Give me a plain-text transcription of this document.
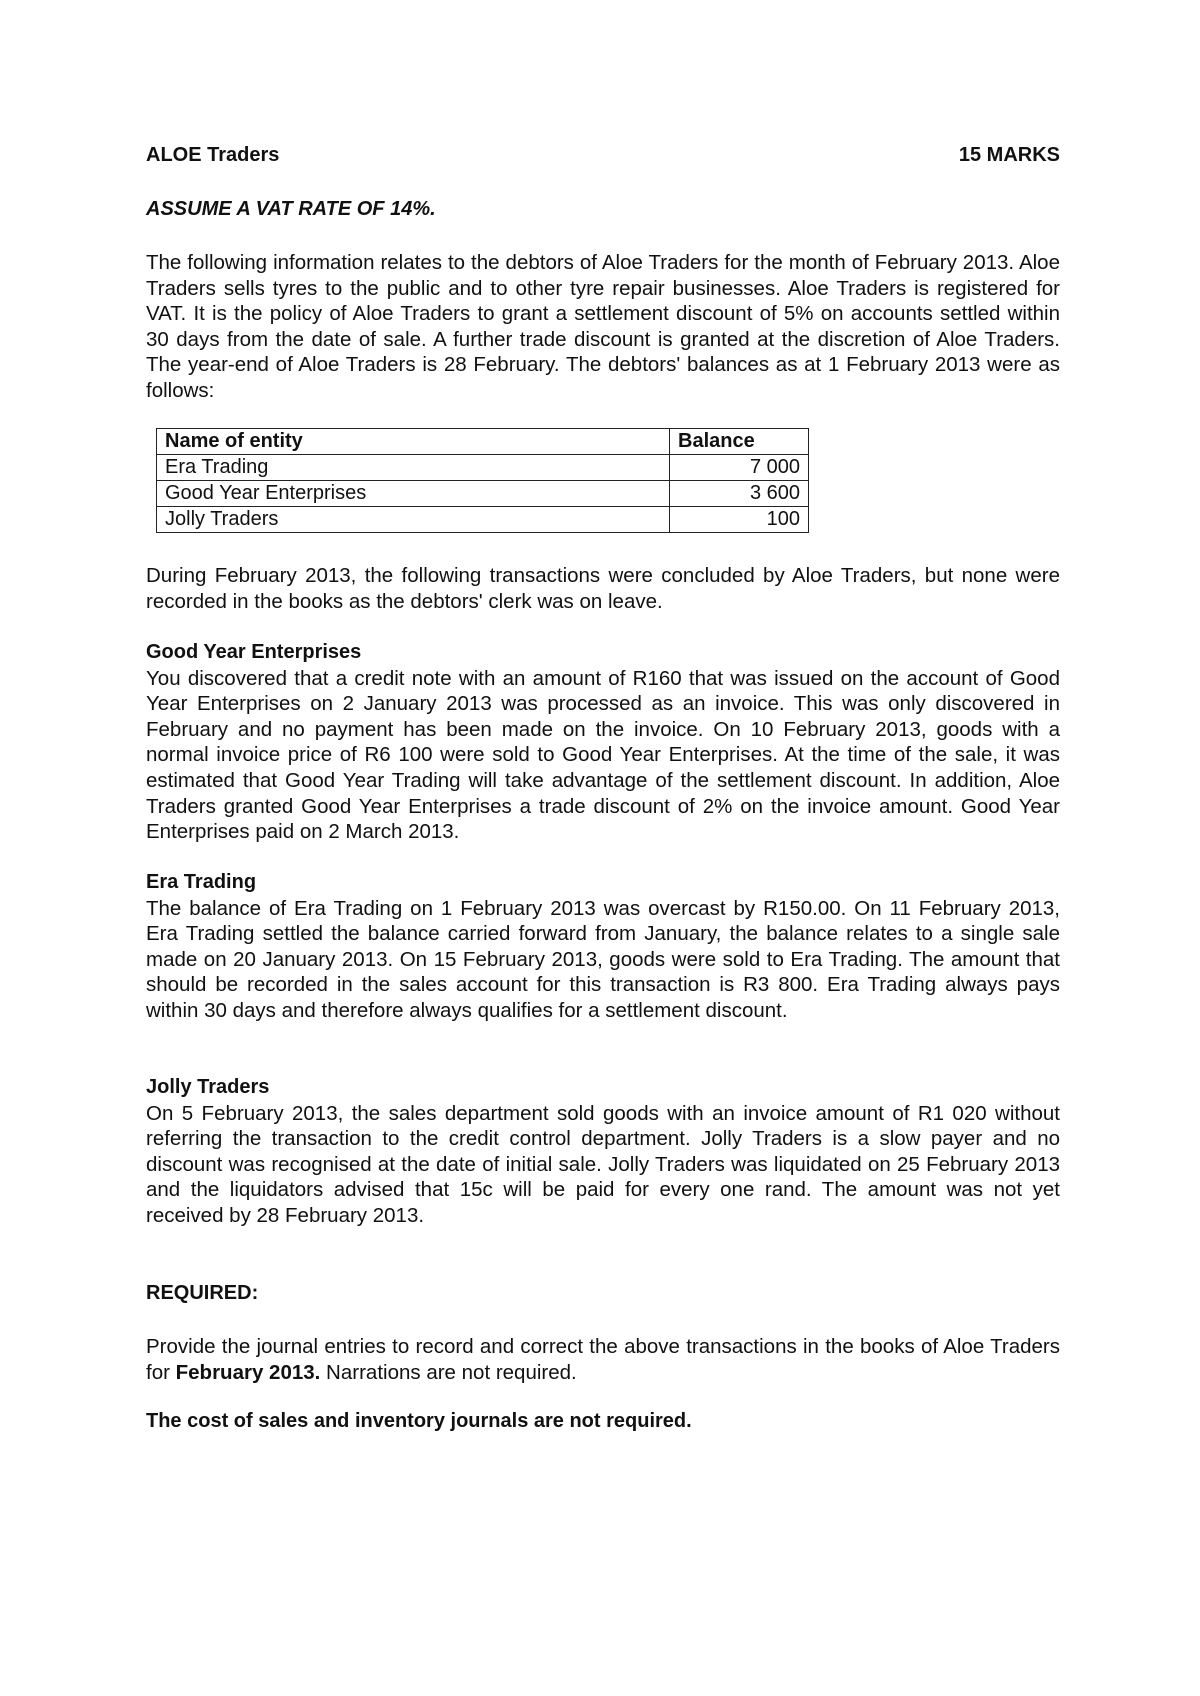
ALOE Traders	15 MARKS
ASSUME A VAT RATE OF 14%.

The following information relates to the debtors of Aloe Traders for the month of February 2013. Aloe Traders sells tyres to the public and to other tyre repair businesses. Aloe Traders is registered for VAT. It is the policy of Aloe Traders to grant a settlement discount of 5% on accounts settled within 30 days from the date of sale. A further trade discount is granted at the discretion of Aloe Traders. The year-end of Aloe Traders is 28 February. The debtors' balances as at 1 February 2013 were as follows:

Name of entity	Balance
Era Trading	7 000
Good Year Enterprises	3 600
Jolly Traders	100

During February 2013, the following transactions were concluded by Aloe Traders, but none were recorded in the books as the debtors' clerk was on leave.

Good Year Enterprises

You discovered that a credit note with an amount of R160 that was issued on the account of Good Year Enterprises on 2 January 2013 was processed as an invoice. This was only discovered in February and no payment has been made on the invoice. On 10 February 2013, goods with a normal invoice price of R6 100 were sold to Good Year Enterprises. At the time of the sale, it was estimated that Good Year Trading will take advantage of the settlement discount. In addition, Aloe Traders granted Good Year Enterprises a trade discount of 2% on the invoice amount. Good Year Enterprises paid on 2 March 2013.

Era Trading

The balance of Era Trading on 1 February 2013 was overcast by R150.00. On 11 February 2013, Era Trading settled the balance carried forward from January, the balance relates to a single sale made on 20 January 2013. On 15 February 2013, goods were sold to Era Trading. The amount that should be recorded in the sales account for this transaction is R3 800. Era Trading always pays within 30 days and therefore always qualifies for a settlement discount.

Jolly Traders

On 5 February 2013, the sales department sold goods with an invoice amount of R1 020 without referring the transaction to the credit control department. Jolly Traders is a slow payer and no discount was recognised at the date of initial sale. Jolly Traders was liquidated on 25 February 2013 and the liquidators advised that 15c will be paid for every one rand. The amount was not yet received by 28 February 2013.

REQUIRED:

Provide the journal entries to record and correct the above transactions in the books of Aloe Traders for February 2013. Narrations are not required.

The cost of sales and inventory journals are not required.
